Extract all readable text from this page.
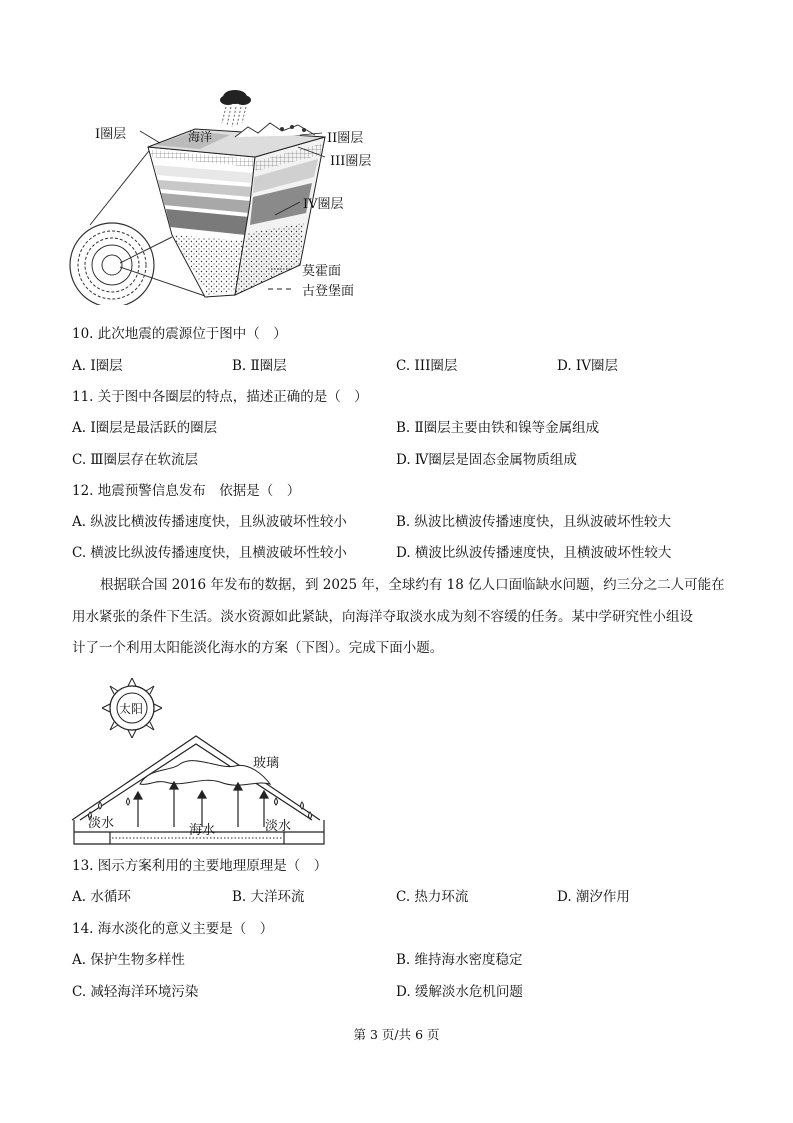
I圈层	海洋	II圈层
III圈层
IV圈层
莫霍面
古登堡面
10. 此次地震的震源位于图中（　）
A. Ⅰ圈层	B. Ⅱ圈层	C. III圈层	D. IV圈层
11. 关于图中各圈层的特点，描述正确的是（　）
A. I圈层是最活跃的圈层	B. Ⅱ圈层主要由铁和镍等金属组成
C. Ⅲ圈层存在软流层	D. Ⅳ圈层是固态金属物质组成
12. 地震预警信息发布　依据是（　）
A. 纵波比横波传播速度快，且纵波破坏性较小	B. 纵波比横波传播速度快，且纵波破坏性较大
C. 横波比纵波传播速度快，且横波破坏性较小	D. 横波比纵波传播速度快，且横波破坏性较大
根据联合国 2016 年发布的数据，到 2025 年，全球约有 18 亿人口面临缺水问题，约三分之二人可能在
用水紧张的条件下生活。淡水资源如此紧缺，向海洋夺取淡水成为刻不容缓的任务。某中学研究性小组设
计了一个利用太阳能淡化海水的方案（下图）。完成下面小题。
太阳
玻璃
淡水	海水	淡水
13. 图示方案利用的主要地理原理是（　）
A. 水循环	B. 大洋环流	C. 热力环流	D. 潮汐作用
14. 海水淡化的意义主要是（　）
A. 保护生物多样性	B. 维持海水密度稳定
C. 减轻海洋环境污染	D. 缓解淡水危机问题
第 3 页/共 6 页
